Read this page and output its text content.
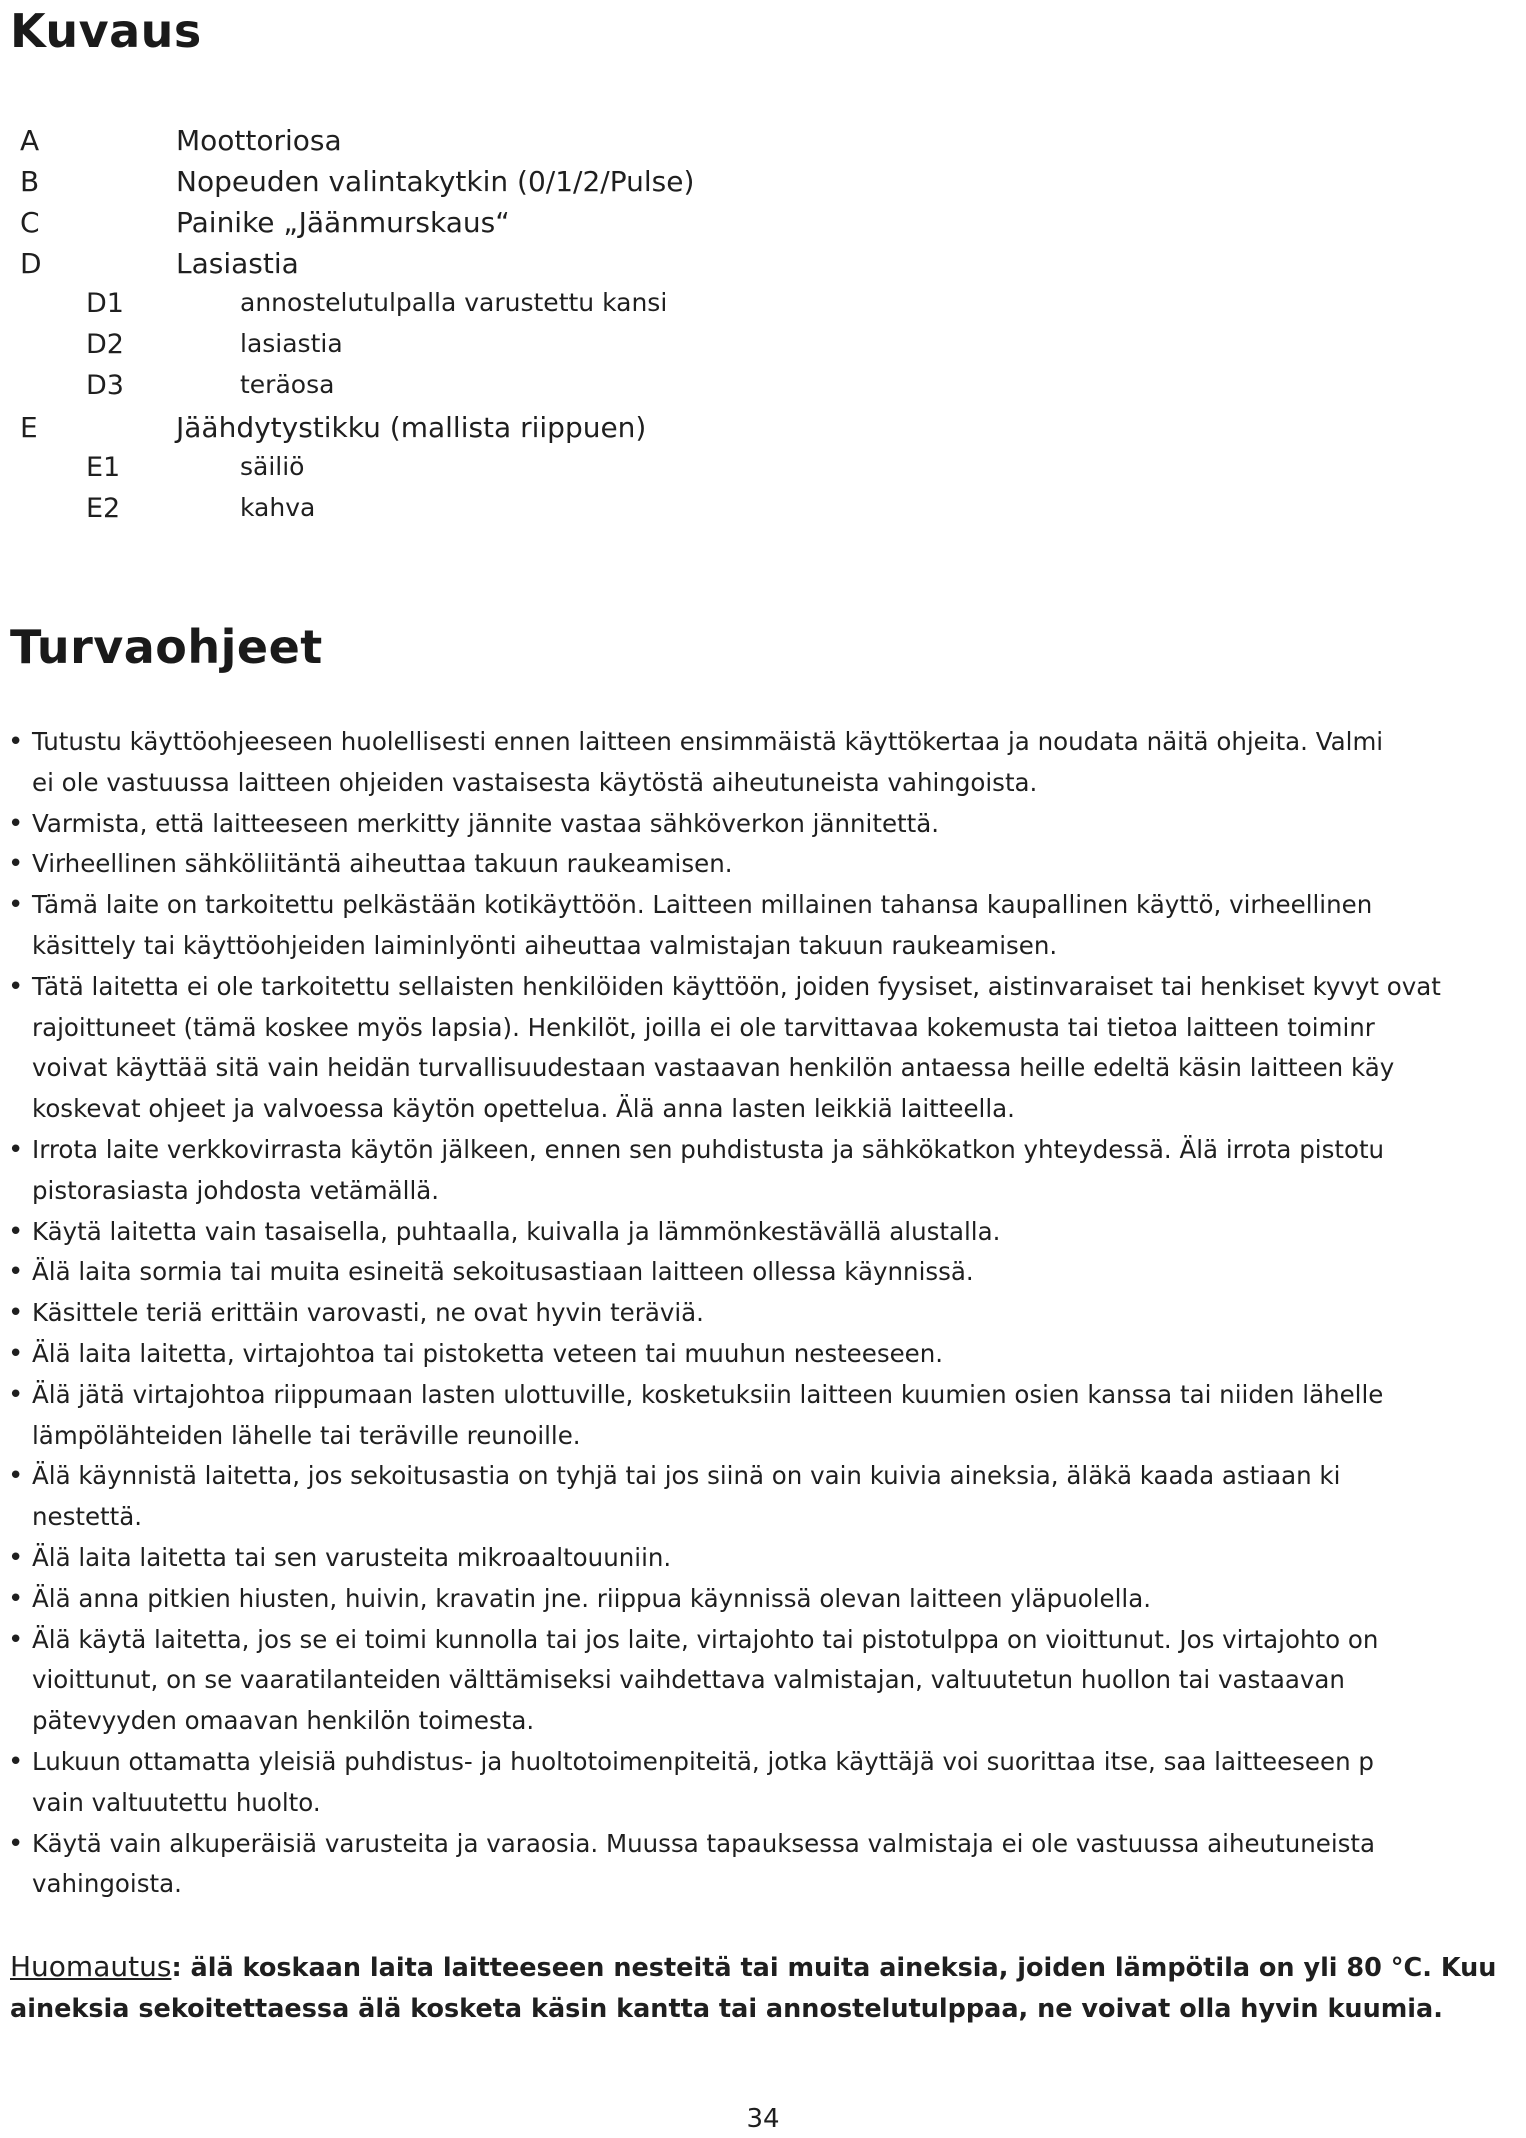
Kuvaus
A	Moottoriosa
B	Nopeuden valintakytkin (0/1/2/Pulse)
C	Painike „Jäänmurskaus“
D	Lasiastia
D1	annostelutulpalla varustettu kansi
D2	lasiastia
D3	teräosa
E	Jäähdytystikku (mallista riippuen)
E1	säiliö
E2	kahva
Turvaohjeet
• Tutustu käyttöohjeeseen huolellisesti ennen laitteen ensimmäistä käyttökertaa ja noudata näitä ohjeita. Valmi
ei ole vastuussa laitteen ohjeiden vastaisesta käytöstä aiheutuneista vahingoista.
• Varmista, että laitteeseen merkitty jännite vastaa sähköverkon jännitettä.
• Virheellinen sähköliitäntä aiheuttaa takuun raukeamisen.
• Tämä laite on tarkoitettu pelkästään kotikäyttöön. Laitteen millainen tahansa kaupallinen käyttö, virheellinen
käsittely tai käyttöohjeiden laiminlyönti aiheuttaa valmistajan takuun raukeamisen.
• Tätä laitetta ei ole tarkoitettu sellaisten henkilöiden käyttöön, joiden fyysiset, aistinvaraiset tai henkiset kyvyt ovat
rajoittuneet (tämä koskee myös lapsia). Henkilöt, joilla ei ole tarvittavaa kokemusta tai tietoa laitteen toiminr
voivat käyttää sitä vain heidän turvallisuudestaan vastaavan henkilön antaessa heille edeltä käsin laitteen käy
koskevat ohjeet ja valvoessa käytön opettelua. Älä anna lasten leikkiä laitteella.
• Irrota laite verkkovirrasta käytön jälkeen, ennen sen puhdistusta ja sähkökatkon yhteydessä. Älä irrota pistotu
pistorasiasta johdosta vetämällä.
• Käytä laitetta vain tasaisella, puhtaalla, kuivalla ja lämmönkestävällä alustalla.
• Älä laita sormia tai muita esineitä sekoitusastiaan laitteen ollessa käynnissä.
• Käsittele teriä erittäin varovasti, ne ovat hyvin teräviä.
• Älä laita laitetta, virtajohtoa tai pistoketta veteen tai muuhun nesteeseen.
• Älä jätä virtajohtoa riippumaan lasten ulottuville, kosketuksiin laitteen kuumien osien kanssa tai niiden lähelle
lämpölähteiden lähelle tai teräville reunoille.
• Älä käynnistä laitetta, jos sekoitusastia on tyhjä tai jos siinä on vain kuivia aineksia, äläkä kaada astiaan ki
nestettä.
• Älä laita laitetta tai sen varusteita mikroaaltouuniin.
• Älä anna pitkien hiusten, huivin, kravatin jne. riippua käynnissä olevan laitteen yläpuolella.
• Älä käytä laitetta, jos se ei toimi kunnolla tai jos laite, virtajohto tai pistotulppa on vioittunut. Jos virtajohto on
vioittunut, on se vaaratilanteiden välttämiseksi vaihdettava valmistajan, valtuutetun huollon tai vastaavan
pätevyyden omaavan henkilön toimesta.
• Lukuun ottamatta yleisiä puhdistus- ja huoltotoimenpiteitä, jotka käyttäjä voi suorittaa itse, saa laitteeseen p
vain valtuutettu huolto.
• Käytä vain alkuperäisiä varusteita ja varaosia. Muussa tapauksessa valmistaja ei ole vastuussa aiheutuneista
vahingoista.
Huomautus: älä koskaan laita laitteeseen nesteitä tai muita aineksia, joiden lämpötila on yli 80 °C. Kuu
aineksia sekoitettaessa älä kosketa käsin kantta tai annostelutulppaa, ne voivat olla hyvin kuumia.
34
